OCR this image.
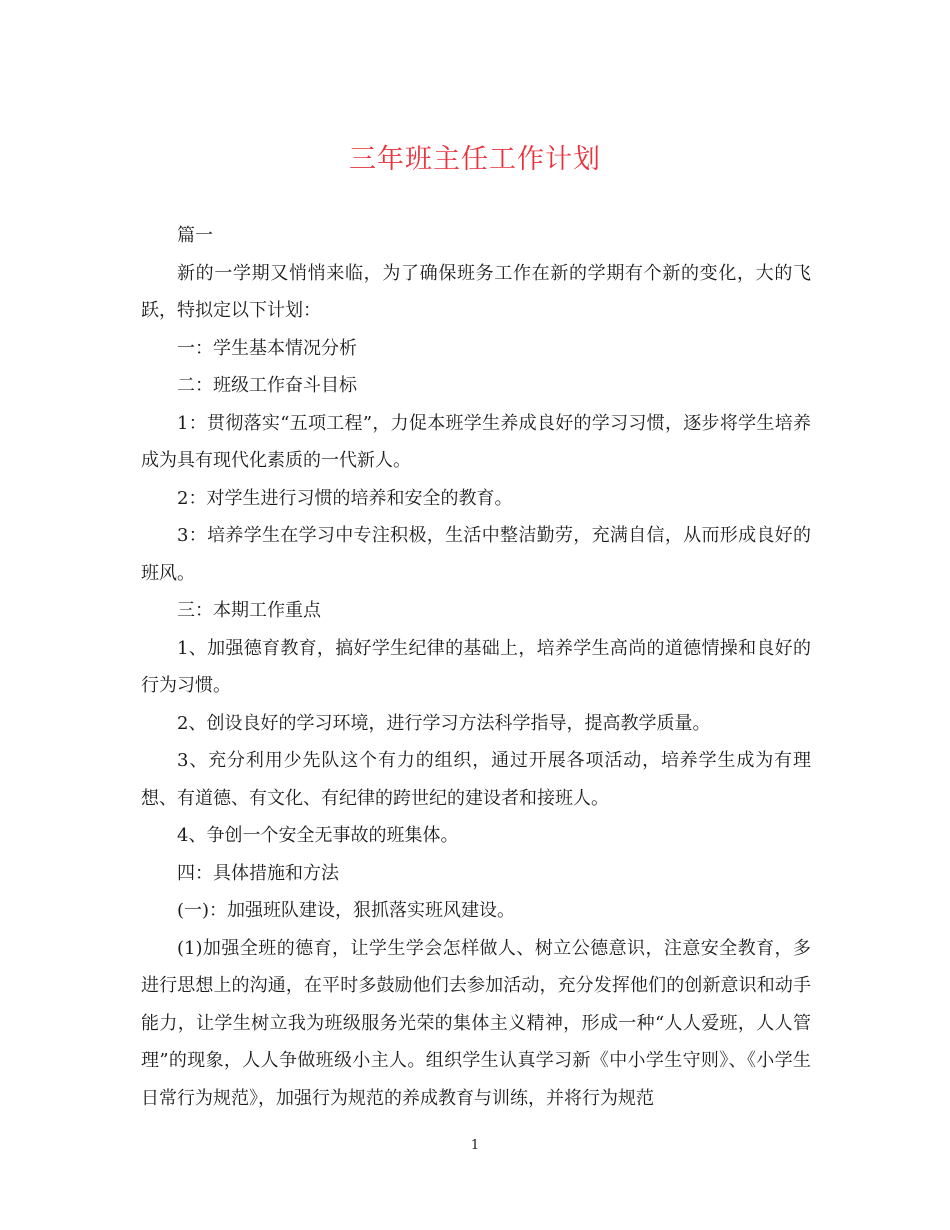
三年班主任工作计划

篇一

新的一学期又悄悄来临，为了确保班务工作在新的学期有个新的变化，大的飞跃，特拟定以下计划：

一：学生基本情况分析

二：班级工作奋斗目标

1：贯彻落实“五项工程”，力促本班学生养成良好的学习习惯，逐步将学生培养成为具有现代化素质的一代新人。

2：对学生进行习惯的培养和安全的教育。

3：培养学生在学习中专注积极，生活中整洁勤劳，充满自信，从而形成良好的班风。

三：本期工作重点

1、加强德育教育，搞好学生纪律的基础上，培养学生高尚的道德情操和良好的行为习惯。

2、创设良好的学习环境，进行学习方法科学指导，提高教学质量。

3、充分利用少先队这个有力的组织，通过开展各项活动，培养学生成为有理想、有道德、有文化、有纪律的跨世纪的建设者和接班人。

4、争创一个安全无事故的班集体。

四：具体措施和方法

(一)：加强班队建设，狠抓落实班风建设。

(1)加强全班的德育，让学生学会怎样做人、树立公德意识，注意安全教育，多进行思想上的沟通，在平时多鼓励他们去参加活动，充分发挥他们的创新意识和动手能力，让学生树立我为班级服务光荣的集体主义精神，形成一种“人人爱班，人人管理”的现象，人人争做班级小主人。组织学生认真学习新《中小学生守则》、《小学生日常行为规范》，加强行为规范的养成教育与训练，并将行为规范

1
